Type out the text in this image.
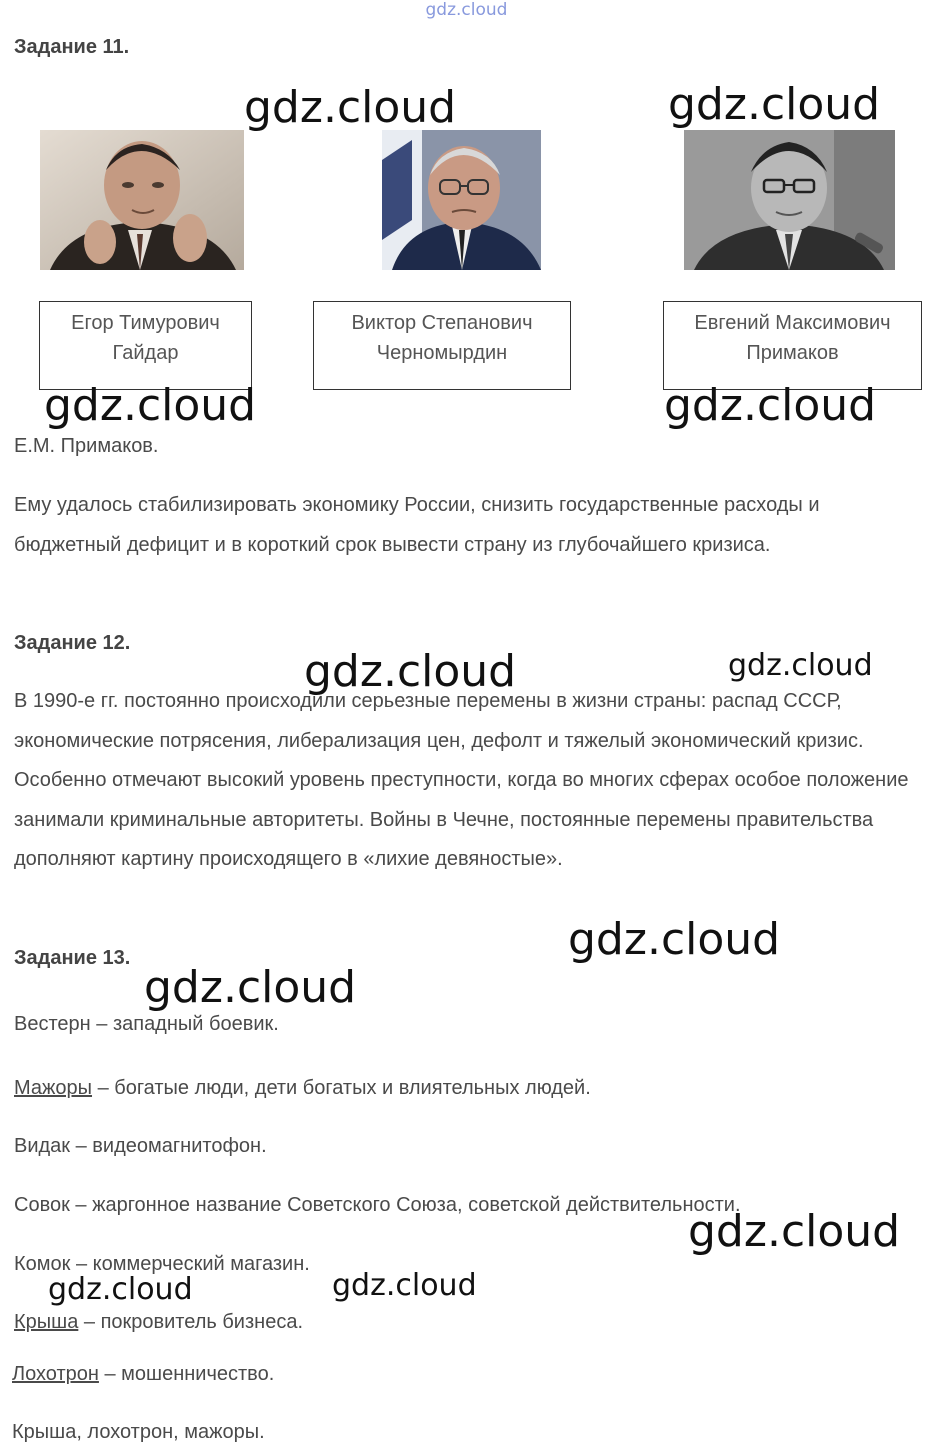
gdz.cloud
Задание 11.
Егор Тимурович
Гайдар
Виктор Степанович
Черномырдин
Евгений Максимович
Примаков
Е.М. Примаков.
Ему удалось стабилизировать экономику России, снизить государственные расходы и бюджетный дефицит и в короткий срок вывести страну из глубочайшего кризиса.
Задание 12.
В 1990-е гг. постоянно происходили серьезные перемены в жизни страны: распад СССР, экономические потрясения, либерализация цен, дефолт и тяжелый экономический кризис. Особенно отмечают высокий уровень преступности, когда во многих сферах особое положение занимали криминальные авторитеты. Войны в Чечне, постоянные перемены правительства дополняют картину происходящего в «лихие девяностые».
Задание 13.
Вестерн – западный боевик.
Мажоры – богатые люди, дети богатых и влиятельных людей.
Видак – видеомагнитофон.
Совок – жаргонное название Советского Союза, советской действительности.
Комок – коммерческий магазин.
Крыша – покровитель бизнеса.
Лохотрон – мошенничество.
Крыша, лохотрон, мажоры.
gdz.cloud	gdz.cloud
gdz.cloud	gdz.cloud
gdz.cloud	gdz.cloud
gdz.cloud
gdz.cloud
gdz.cloud
gdz.cloud	gdz.cloud
